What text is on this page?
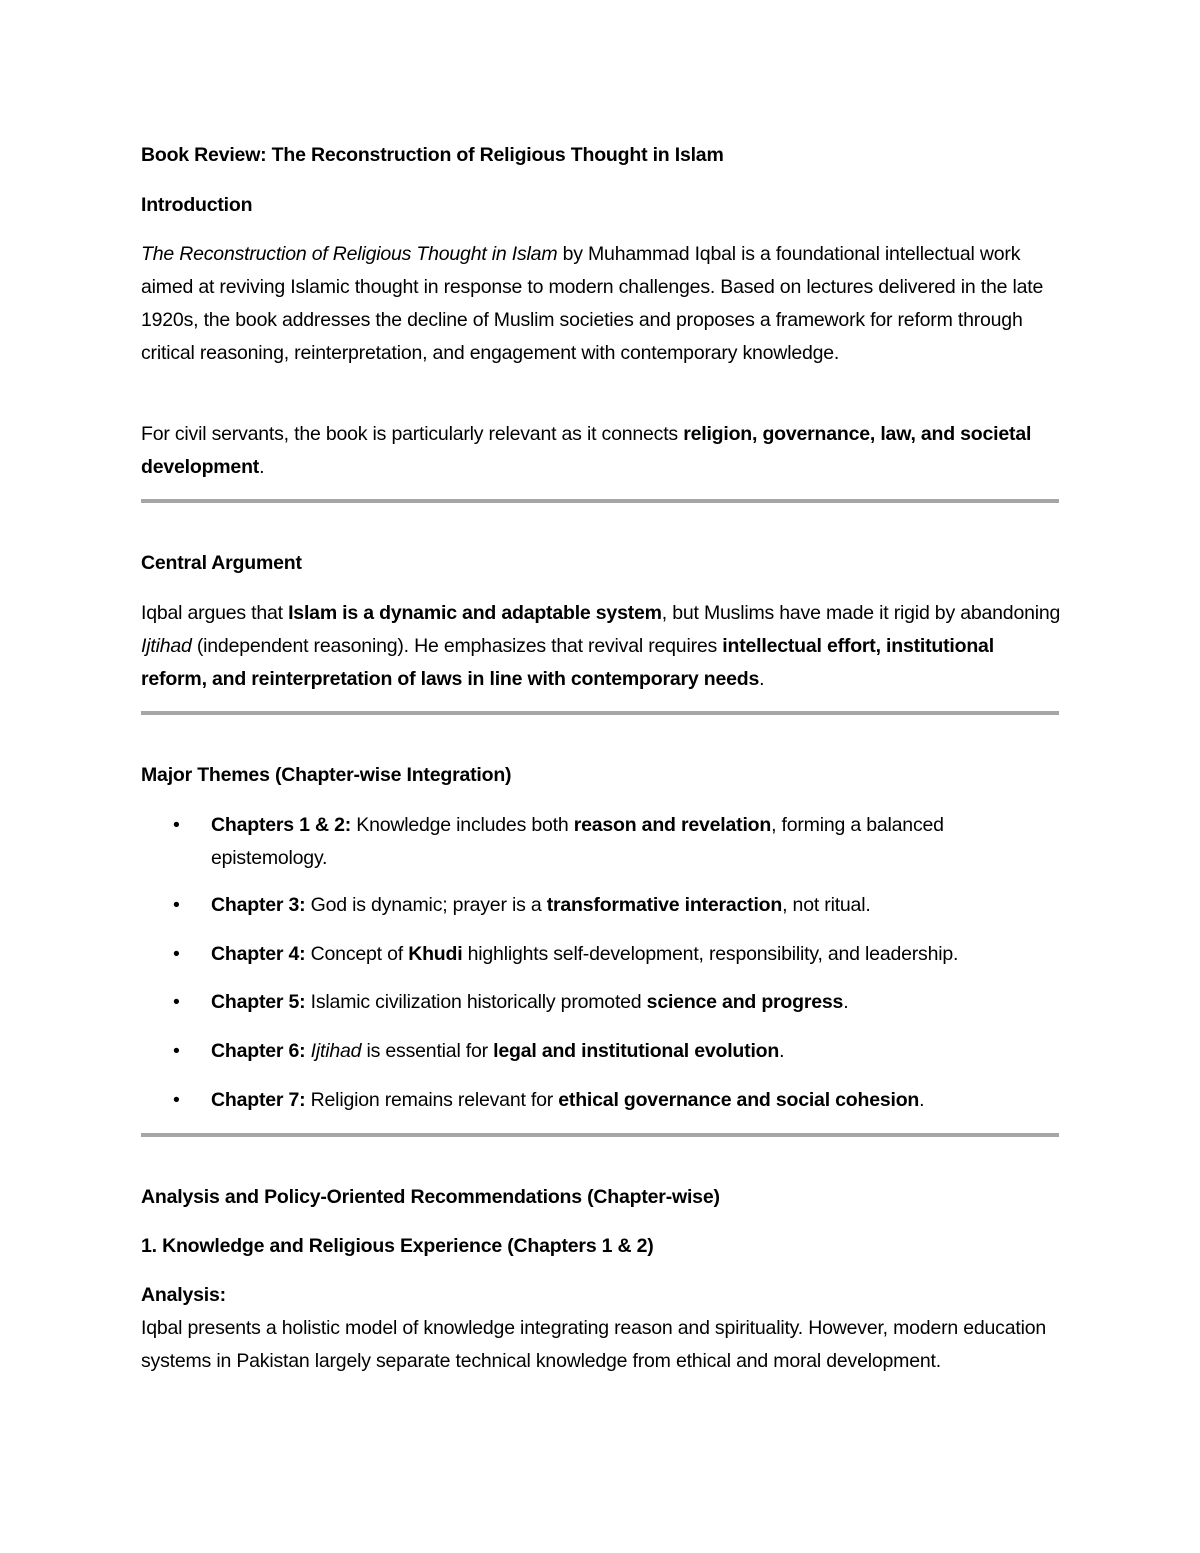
Book Review: The Reconstruction of Religious Thought in Islam

Introduction

The Reconstruction of Religious Thought in Islam by Muhammad Iqbal is a foundational intellectual work aimed at reviving Islamic thought in response to modern challenges. Based on lectures delivered in the late 1920s, the book addresses the decline of Muslim societies and proposes a framework for reform through critical reasoning, reinterpretation, and engagement with contemporary knowledge.

For civil servants, the book is particularly relevant as it connects religion, governance, law, and societal development.

Central Argument

Iqbal argues that Islam is a dynamic and adaptable system, but Muslims have made it rigid by abandoning Ijtihad (independent reasoning). He emphasizes that revival requires intellectual effort, institutional reform, and reinterpretation of laws in line with contemporary needs.

Major Themes (Chapter-wise Integration)

• Chapters 1 & 2: Knowledge includes both reason and revelation, forming a balanced epistemology.
• Chapter 3: God is dynamic; prayer is a transformative interaction, not ritual.
• Chapter 4: Concept of Khudi highlights self-development, responsibility, and leadership.
• Chapter 5: Islamic civilization historically promoted science and progress.
• Chapter 6: Ijtihad is essential for legal and institutional evolution.
• Chapter 7: Religion remains relevant for ethical governance and social cohesion.

Analysis and Policy-Oriented Recommendations (Chapter-wise)

1. Knowledge and Religious Experience (Chapters 1 & 2)

Analysis:

Iqbal presents a holistic model of knowledge integrating reason and spirituality. However, modern education systems in Pakistan largely separate technical knowledge from ethical and moral development.
